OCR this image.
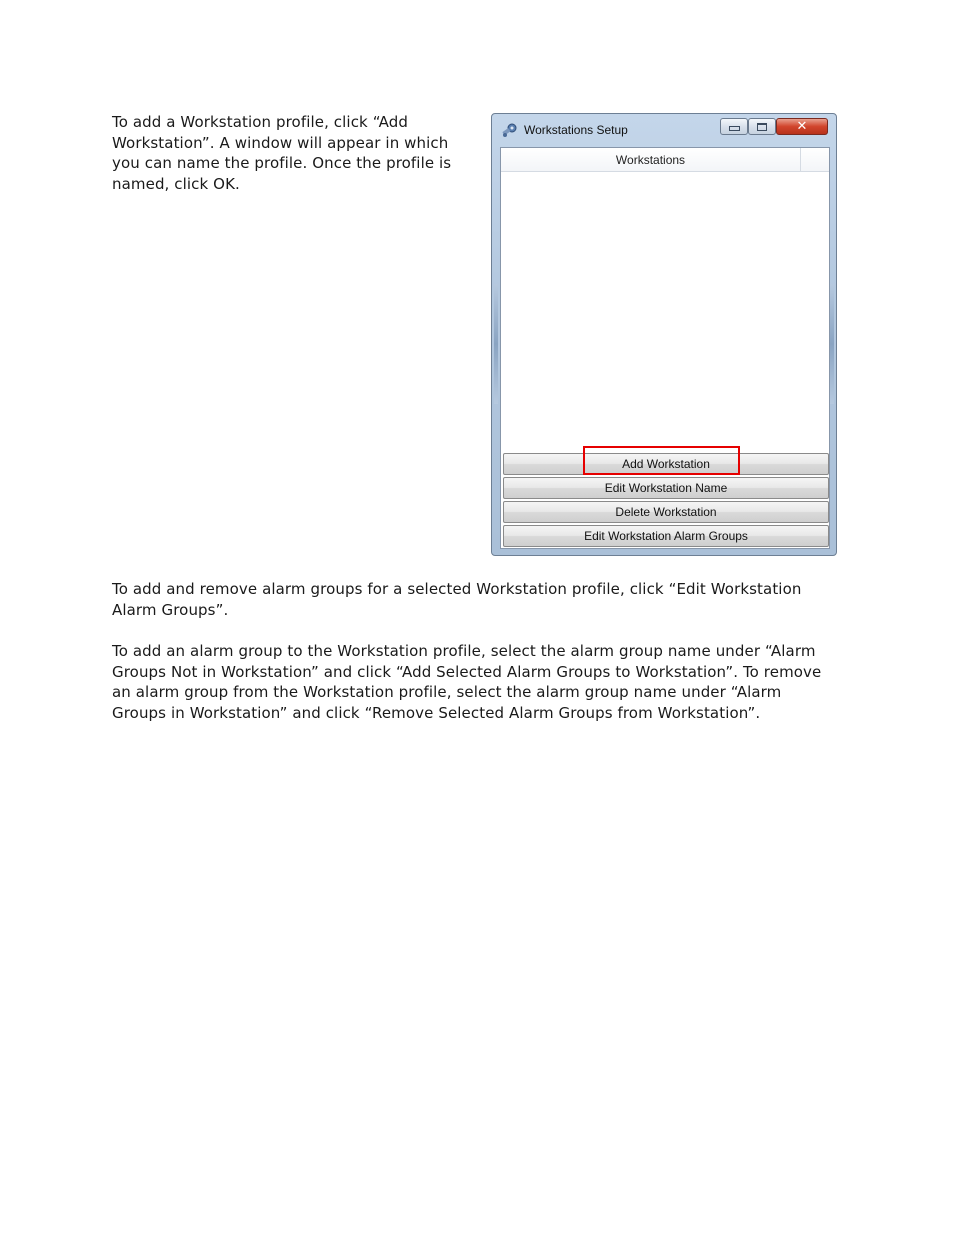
To add a Workstation profile, click “Add Workstation”. A window will appear in which you can name the profile. Once the profile is named, click OK.

Workstations Setup	✕
Workstations
Add Workstation
Edit Workstation Name
Delete Workstation
Edit Workstation Alarm Groups

To add and remove alarm groups for a selected Workstation profile, click “Edit Workstation Alarm Groups”.

To add an alarm group to the Workstation profile, select the alarm group name under “Alarm Groups Not in Workstation” and click “Add Selected Alarm Groups to Workstation”. To remove an alarm group from the Workstation profile, select the alarm group name under “Alarm Groups in Workstation” and click “Remove Selected Alarm Groups from Workstation”.
